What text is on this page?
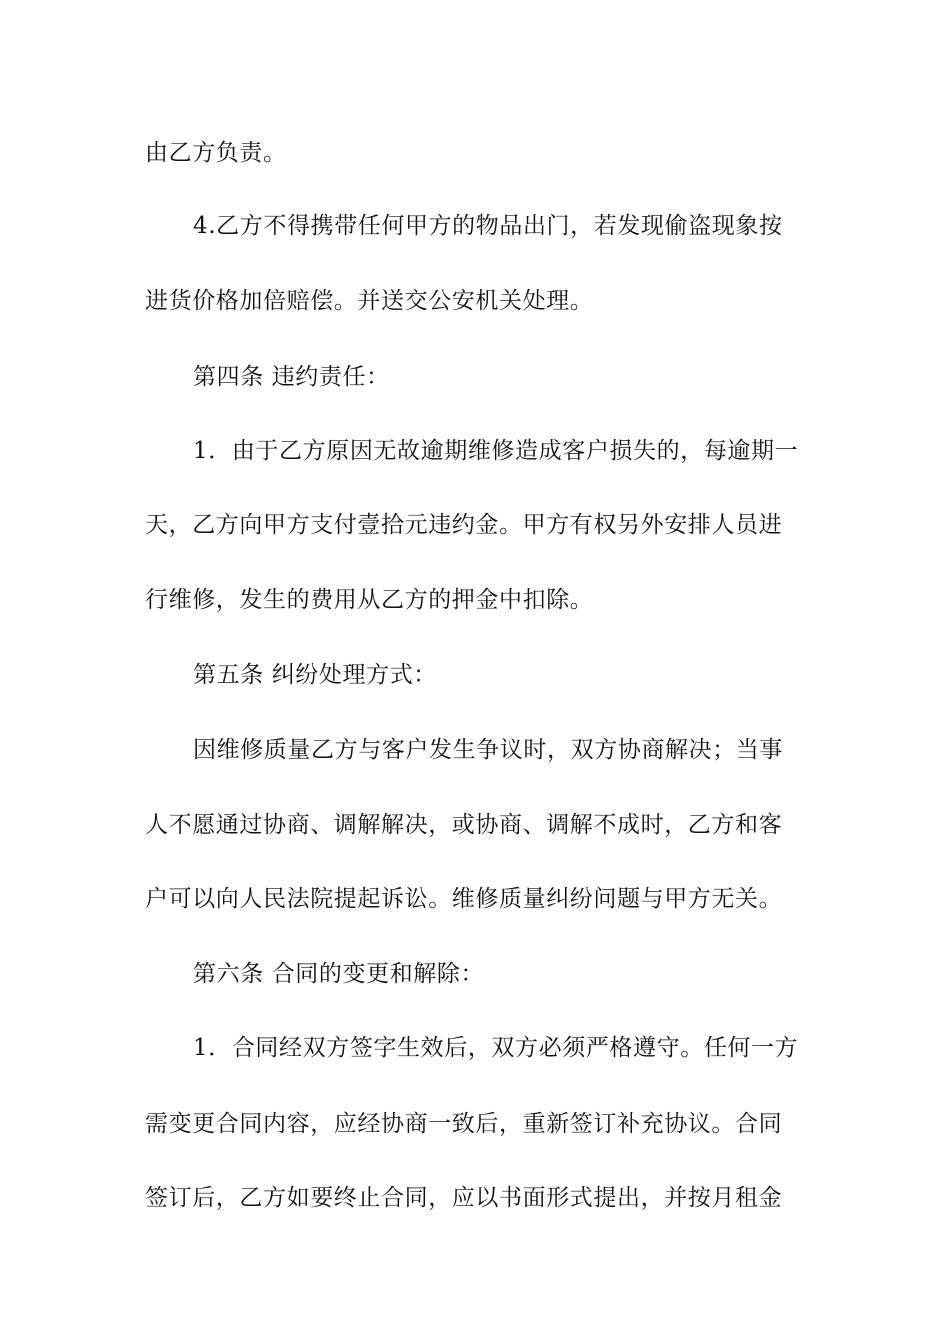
由乙方负责。
4.乙方不得携带任何甲方的物品出门，若发现偷盗现象按
进货价格加倍赔偿。并送交公安机关处理。
第四条 违约责任：
1．由于乙方原因无故逾期维修造成客户损失的，每逾期一
天，乙方向甲方支付壹拾元违约金。甲方有权另外安排人员进
行维修，发生的费用从乙方的押金中扣除。
第五条 纠纷处理方式：
因维修质量乙方与客户发生争议时，双方协商解决；当事
人不愿通过协商、调解解决，或协商、调解不成时，乙方和客
户可以向人民法院提起诉讼。维修质量纠纷问题与甲方无关。
第六条 合同的变更和解除：
1．合同经双方签字生效后，双方必须严格遵守。任何一方
需变更合同内容，应经协商一致后，重新签订补充协议。合同
签订后，乙方如要终止合同，应以书面形式提出，并按月租金
